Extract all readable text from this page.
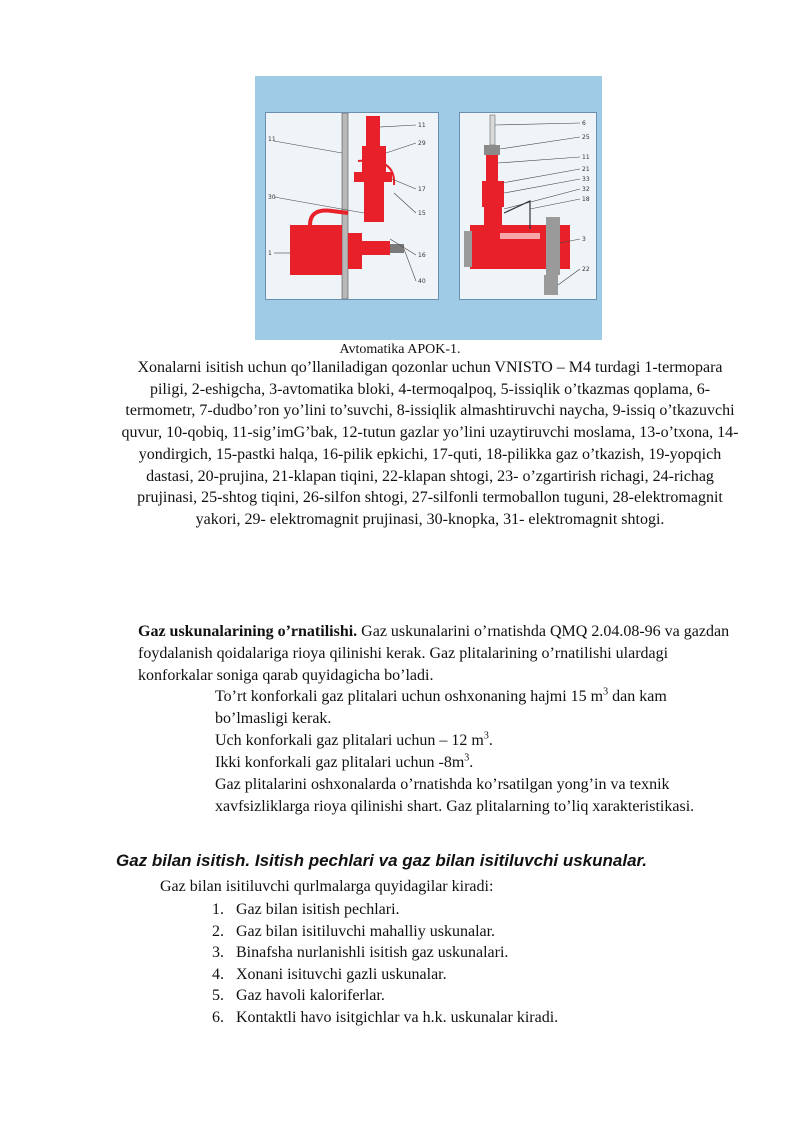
11
29
17
15
16
40
11
30
1
6
25
11
21
33
32
18
3
22
Avtomatika APOK-1.

Xonalarni isitish uchun qo’llaniladigan qozonlar uchun VNISTO – M4 turdagi 1-termopara piligi, 2-eshigcha, 3-avtomatika bloki, 4-termoqalpoq, 5-issiqlik o’tkazmas qoplama, 6-termometr, 7-dudbo’ron yo’lini to’suvchi, 8-issiqlik almashtiruvchi naycha, 9-issiq o’tkazuvchi quvur, 10-qobiq, 11-sig’imG’bak, 12-tutun gazlar yo’lini uzaytiruvchi moslama, 13-o’txona, 14-yondirgich, 15-pastki halqa, 16-pilik epkichi, 17-quti, 18-pilikka gaz o’tkazish, 19-yopqich dastasi, 20-prujina, 21-klapan tiqini, 22-klapan shtogi, 23- o’zgartirish richagi, 24-richag prujinasi, 25-shtog tiqini, 26-silfon shtogi, 27-silfonli termoballon tuguni, 28-elektromagnit yakori, 29- elektromagnit prujinasi, 30-knopka, 31- elektromagnit shtogi.

Gaz uskunalarining o’rnatilishi. Gaz uskunalarini o’rnatishda QMQ 2.04.08-96 va gazdan foydalanish qoidalariga rioya qilinishi kerak. Gaz plitalarining o’rnatilishi ulardagi konforkalar soniga qarab quyidagicha bo’ladi.

To’rt konforkali gaz plitalari uchun oshxonaning hajmi 15 $m^3$ dan kam bo’lmasligi kerak.

Uch konforkali gaz plitalari uchun – 12 $m^3$.

Ikki konforkali gaz plitalari uchun $-8m^3$.

Gaz plitalarini oshxonalarda o’rnatishda ko’rsatilgan yong’in va texnik xavfsizliklarga rioya qilinishi shart. Gaz plitalarning to’liq xarakteristikasi.

Gaz bilan isitish. Isitish pechlari va gaz bilan isitiluvchi uskunalar.

Gaz bilan isitiluvchi qurlmalarga quyidagilar kiradi:

1. Gaz bilan isitish pechlari.
2. Gaz bilan isitiluvchi mahalliy uskunalar.
3. Binafsha nurlanishli isitish gaz uskunalari.
4. Xonani isituvchi gazli uskunalar.
5. Gaz havoli kaloriferlar.
6. Kontaktli havo isitgichlar va h.k. uskunalar kiradi.
